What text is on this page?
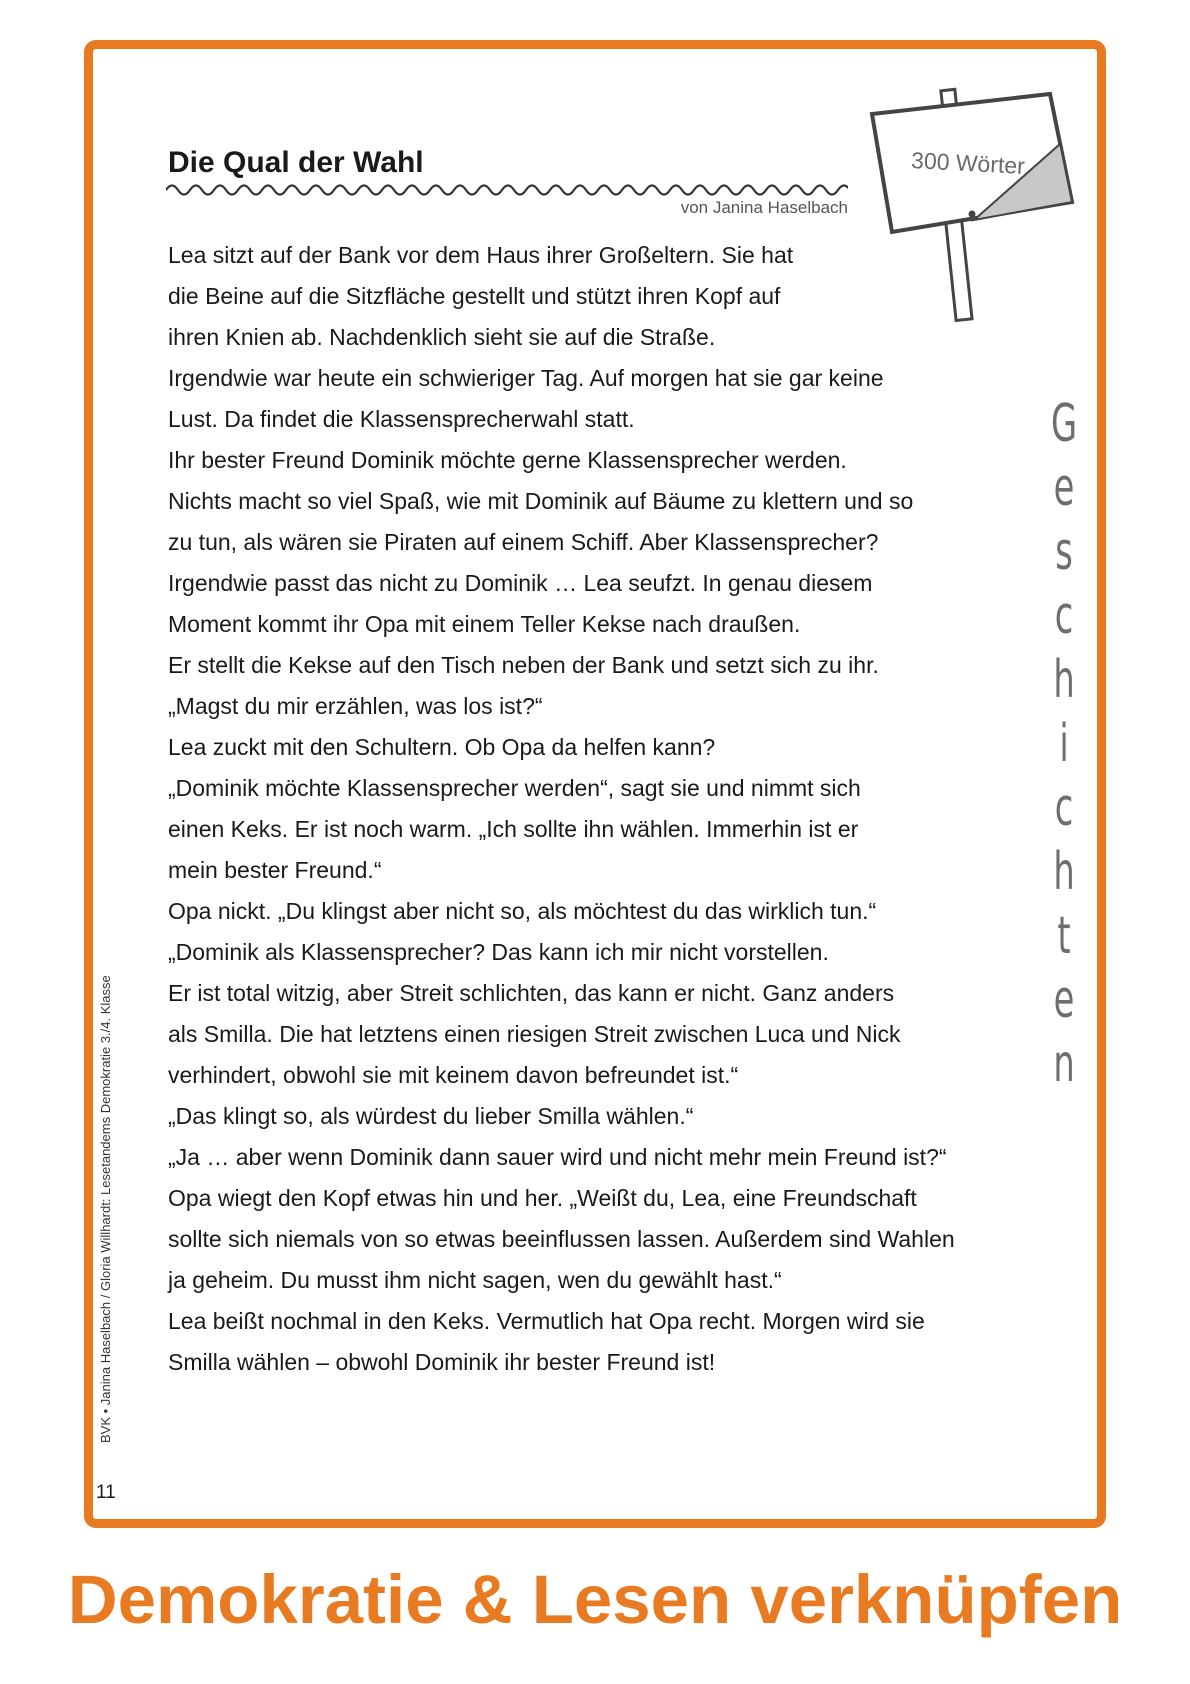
Die Qual der Wahl
von Janina Haselbach
300 Wörter
Lea sitzt auf der Bank vor dem Haus ihrer Großeltern. Sie hat
die Beine auf die Sitzfläche gestellt und stützt ihren Kopf auf
ihren Knien ab. Nachdenklich sieht sie auf die Straße.
Irgendwie war heute ein schwieriger Tag. Auf morgen hat sie gar keine
Lust. Da findet die Klassensprecherwahl statt.
Ihr bester Freund Dominik möchte gerne Klassensprecher werden.
Nichts macht so viel Spaß, wie mit Dominik auf Bäume zu klettern und so
zu tun, als wären sie Piraten auf einem Schiff. Aber Klassensprecher?
Irgendwie passt das nicht zu Dominik … Lea seufzt. In genau diesem
Moment kommt ihr Opa mit einem Teller Kekse nach draußen.
Er stellt die Kekse auf den Tisch neben der Bank und setzt sich zu ihr.
„Magst du mir erzählen, was los ist?“
Lea zuckt mit den Schultern. Ob Opa da helfen kann?
„Dominik möchte Klassensprecher werden“, sagt sie und nimmt sich
einen Keks. Er ist noch warm. „Ich sollte ihn wählen. Immerhin ist er
mein bester Freund.“
Opa nickt. „Du klingst aber nicht so, als möchtest du das wirklich tun.“
„Dominik als Klassensprecher? Das kann ich mir nicht vorstellen.
Er ist total witzig, aber Streit schlichten, das kann er nicht. Ganz anders
als Smilla. Die hat letztens einen riesigen Streit zwischen Luca und Nick
verhindert, obwohl sie mit keinem davon befreundet ist.“
„Das klingt so, als würdest du lieber Smilla wählen.“
„Ja … aber wenn Dominik dann sauer wird und nicht mehr mein Freund ist?“
Opa wiegt den Kopf etwas hin und her. „Weißt du, Lea, eine Freundschaft
sollte sich niemals von so etwas beeinflussen lassen. Außerdem sind Wahlen
ja geheim. Du musst ihm nicht sagen, wen du gewählt hast.“
Lea beißt nochmal in den Keks. Vermutlich hat Opa recht. Morgen wird sie
Smilla wählen – obwohl Dominik ihr bester Freund ist!
G
e
s
c
h
i
c
h
t
e
n
BVK • Janina Haselbach / Gloria Willhardt: Lesetandems Demokratie 3./4. Klasse
11
Demokratie & Lesen verknüpfen
